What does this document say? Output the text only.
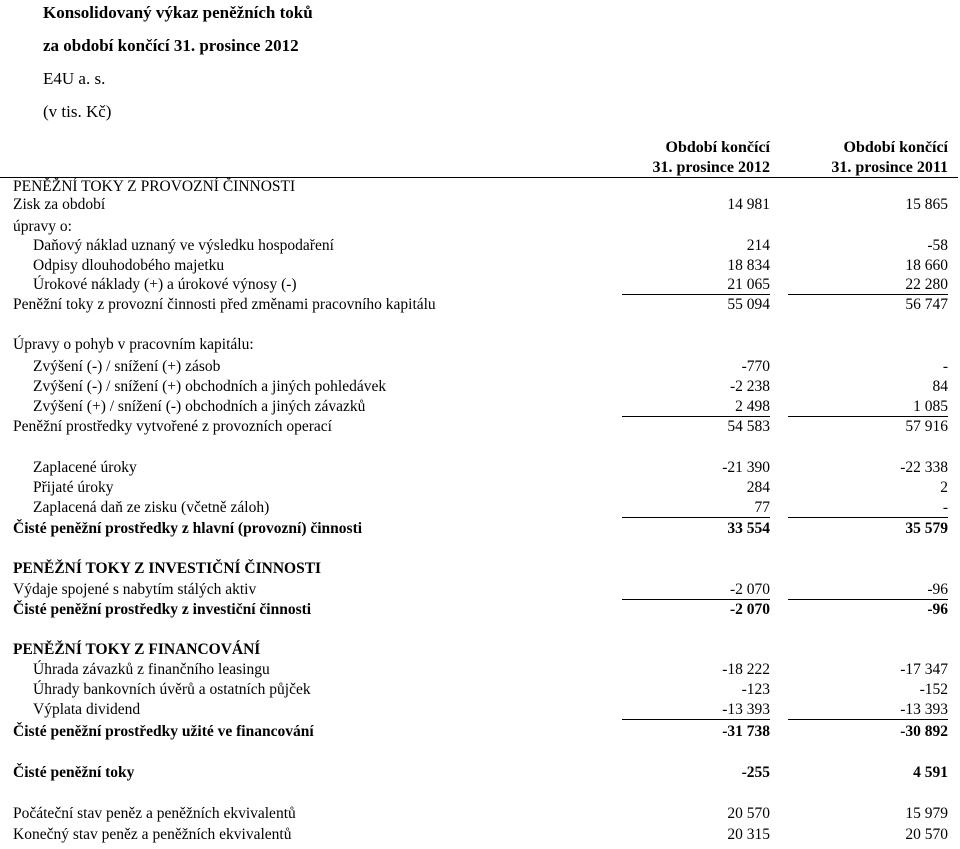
Konsolidovaný výkaz peněžních toků
za období končící 31. prosince 2012
E4U a. s.
(v tis. Kč)
Období končící
31. prosince 2012
Období končící
31. prosince 2011
PENĚŽNÍ TOKY Z PROVOZNÍ ČINNOSTI
Zisk za období	14 981	15 865
úpravy o:
Daňový náklad uznaný ve výsledku hospodaření	214	-58
Odpisy dlouhodobého majetku	18 834	18 660
Úrokové náklady (+) a úrokové výnosy (-)	21 065	22 280
Peněžní toky z provozní činnosti před změnami pracovního kapitálu	55 094	56 747
Úpravy o pohyb v pracovním kapitálu:
Zvýšení (-) / snížení (+) zásob	-770	-
Zvýšení (-) / snížení (+) obchodních a jiných pohledávek	-2 238	84
Zvýšení (+) / snížení (-) obchodních a jiných závazků	2 498	1 085
Peněžní prostředky vytvořené z provozních operací	54 583	57 916
Zaplacené úroky	-21 390	-22 338
Přijaté úroky	284	2
Zaplacená daň ze zisku (včetně záloh)	77	-
Čisté peněžní prostředky z hlavní (provozní) činnosti	33 554	35 579
PENĚŽNÍ TOKY Z INVESTIČNÍ ČINNOSTI
Výdaje spojené s nabytím stálých aktiv	-2 070	-96
Čisté peněžní prostředky z investiční činnosti	-2 070	-96
PENĚŽNÍ TOKY Z FINANCOVÁNÍ
Úhrada závazků z finančního leasingu	-18 222	-17 347
Úhrady bankovních úvěrů a ostatních půjček	-123	-152
Výplata dividend	-13 393	-13 393
Čisté peněžní prostředky užité ve financování	-31 738	-30 892
Čisté peněžní toky	-255	4 591
Počáteční stav peněz a peněžních ekvivalentů	20 570	15 979
Konečný stav peněz a peněžních ekvivalentů	20 315	20 570
